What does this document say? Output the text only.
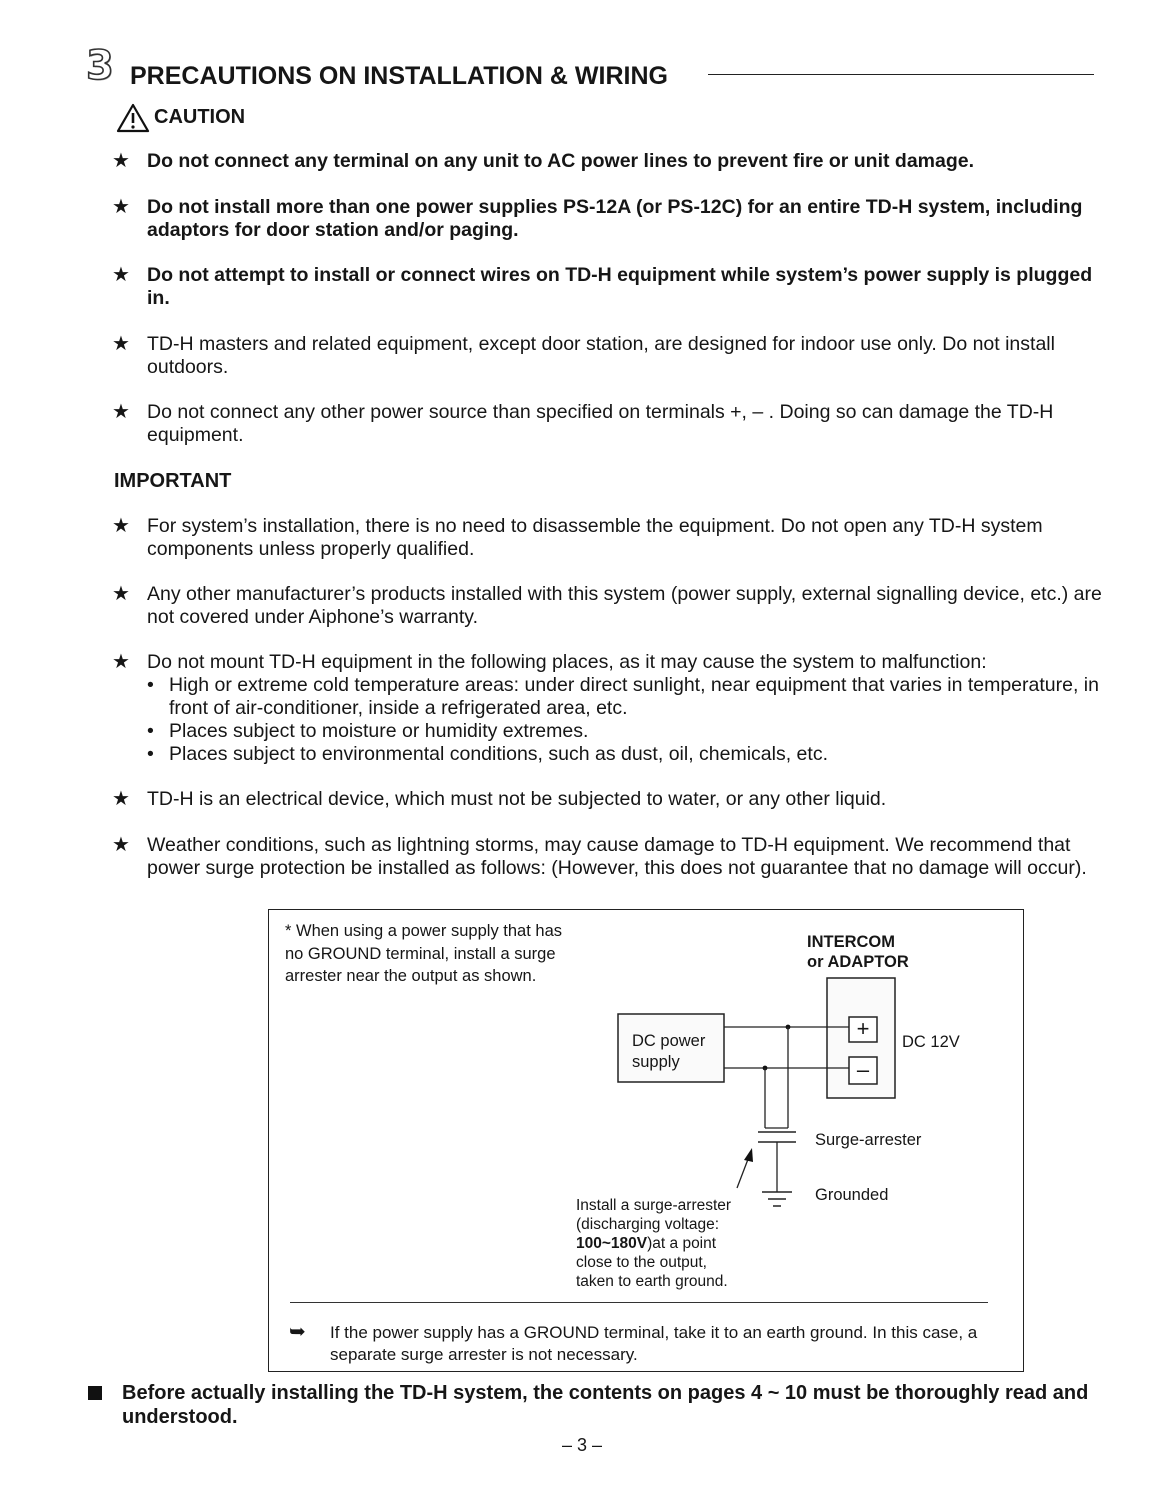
3 PRECAUTIONS ON INSTALLATION & WIRING
CAUTION
★ Do not connect any terminal on any unit to AC power lines to prevent fire or unit damage.
★ Do not install more than one power supplies PS-12A (or PS-12C) for an entire TD-H system, including adaptors for door station and/or paging.
★ Do not attempt to install or connect wires on TD-H equipment while system’s power supply is plugged in.
★ TD-H masters and related equipment, except door station, are designed for indoor use only. Do not install outdoors.
★ Do not connect any other power source than specified on terminals +, – . Doing so can damage the TD-H equipment.
IMPORTANT
★ For system’s installation, there is no need to disassemble the equipment. Do not open any TD-H system components unless properly qualified.
★ Any other manufacturer’s products installed with this system (power supply, external signalling device, etc.) are not covered under Aiphone’s warranty.
★ Do not mount TD-H equipment in the following places, as it may cause the system to malfunction:
• High or extreme cold temperature areas: under direct sunlight, near equipment that varies in temperature, in front of air-conditioner, inside a refrigerated area, etc.
• Places subject to moisture or humidity extremes.
• Places subject to environmental conditions, such as dust, oil, chemicals, etc.
★ TD-H is an electrical device, which must not be subjected to water, or any other liquid.
★ Weather conditions, such as lightning storms, may cause damage to TD-H equipment. We recommend that power surge protection be installed as follows: (However, this does not guarantee that no damage will occur).
* When using a power supply that has no GROUND terminal, install a surge arrester near the output as shown.
INTERCOM
or ADAPTOR
+
–
DC 12V
DC power
supply
Surge-arrester
Grounded
Install a surge-arrester
(discharging voltage:
100~180V)at a point
close to the output,
taken to earth ground.
➥ If the power supply has a GROUND terminal, take it to an earth ground. In this case, a separate surge arrester is not necessary.
Before actually installing the TD-H system, the contents on pages 4 ~ 10 must be thoroughly read and understood.
– 3 –
